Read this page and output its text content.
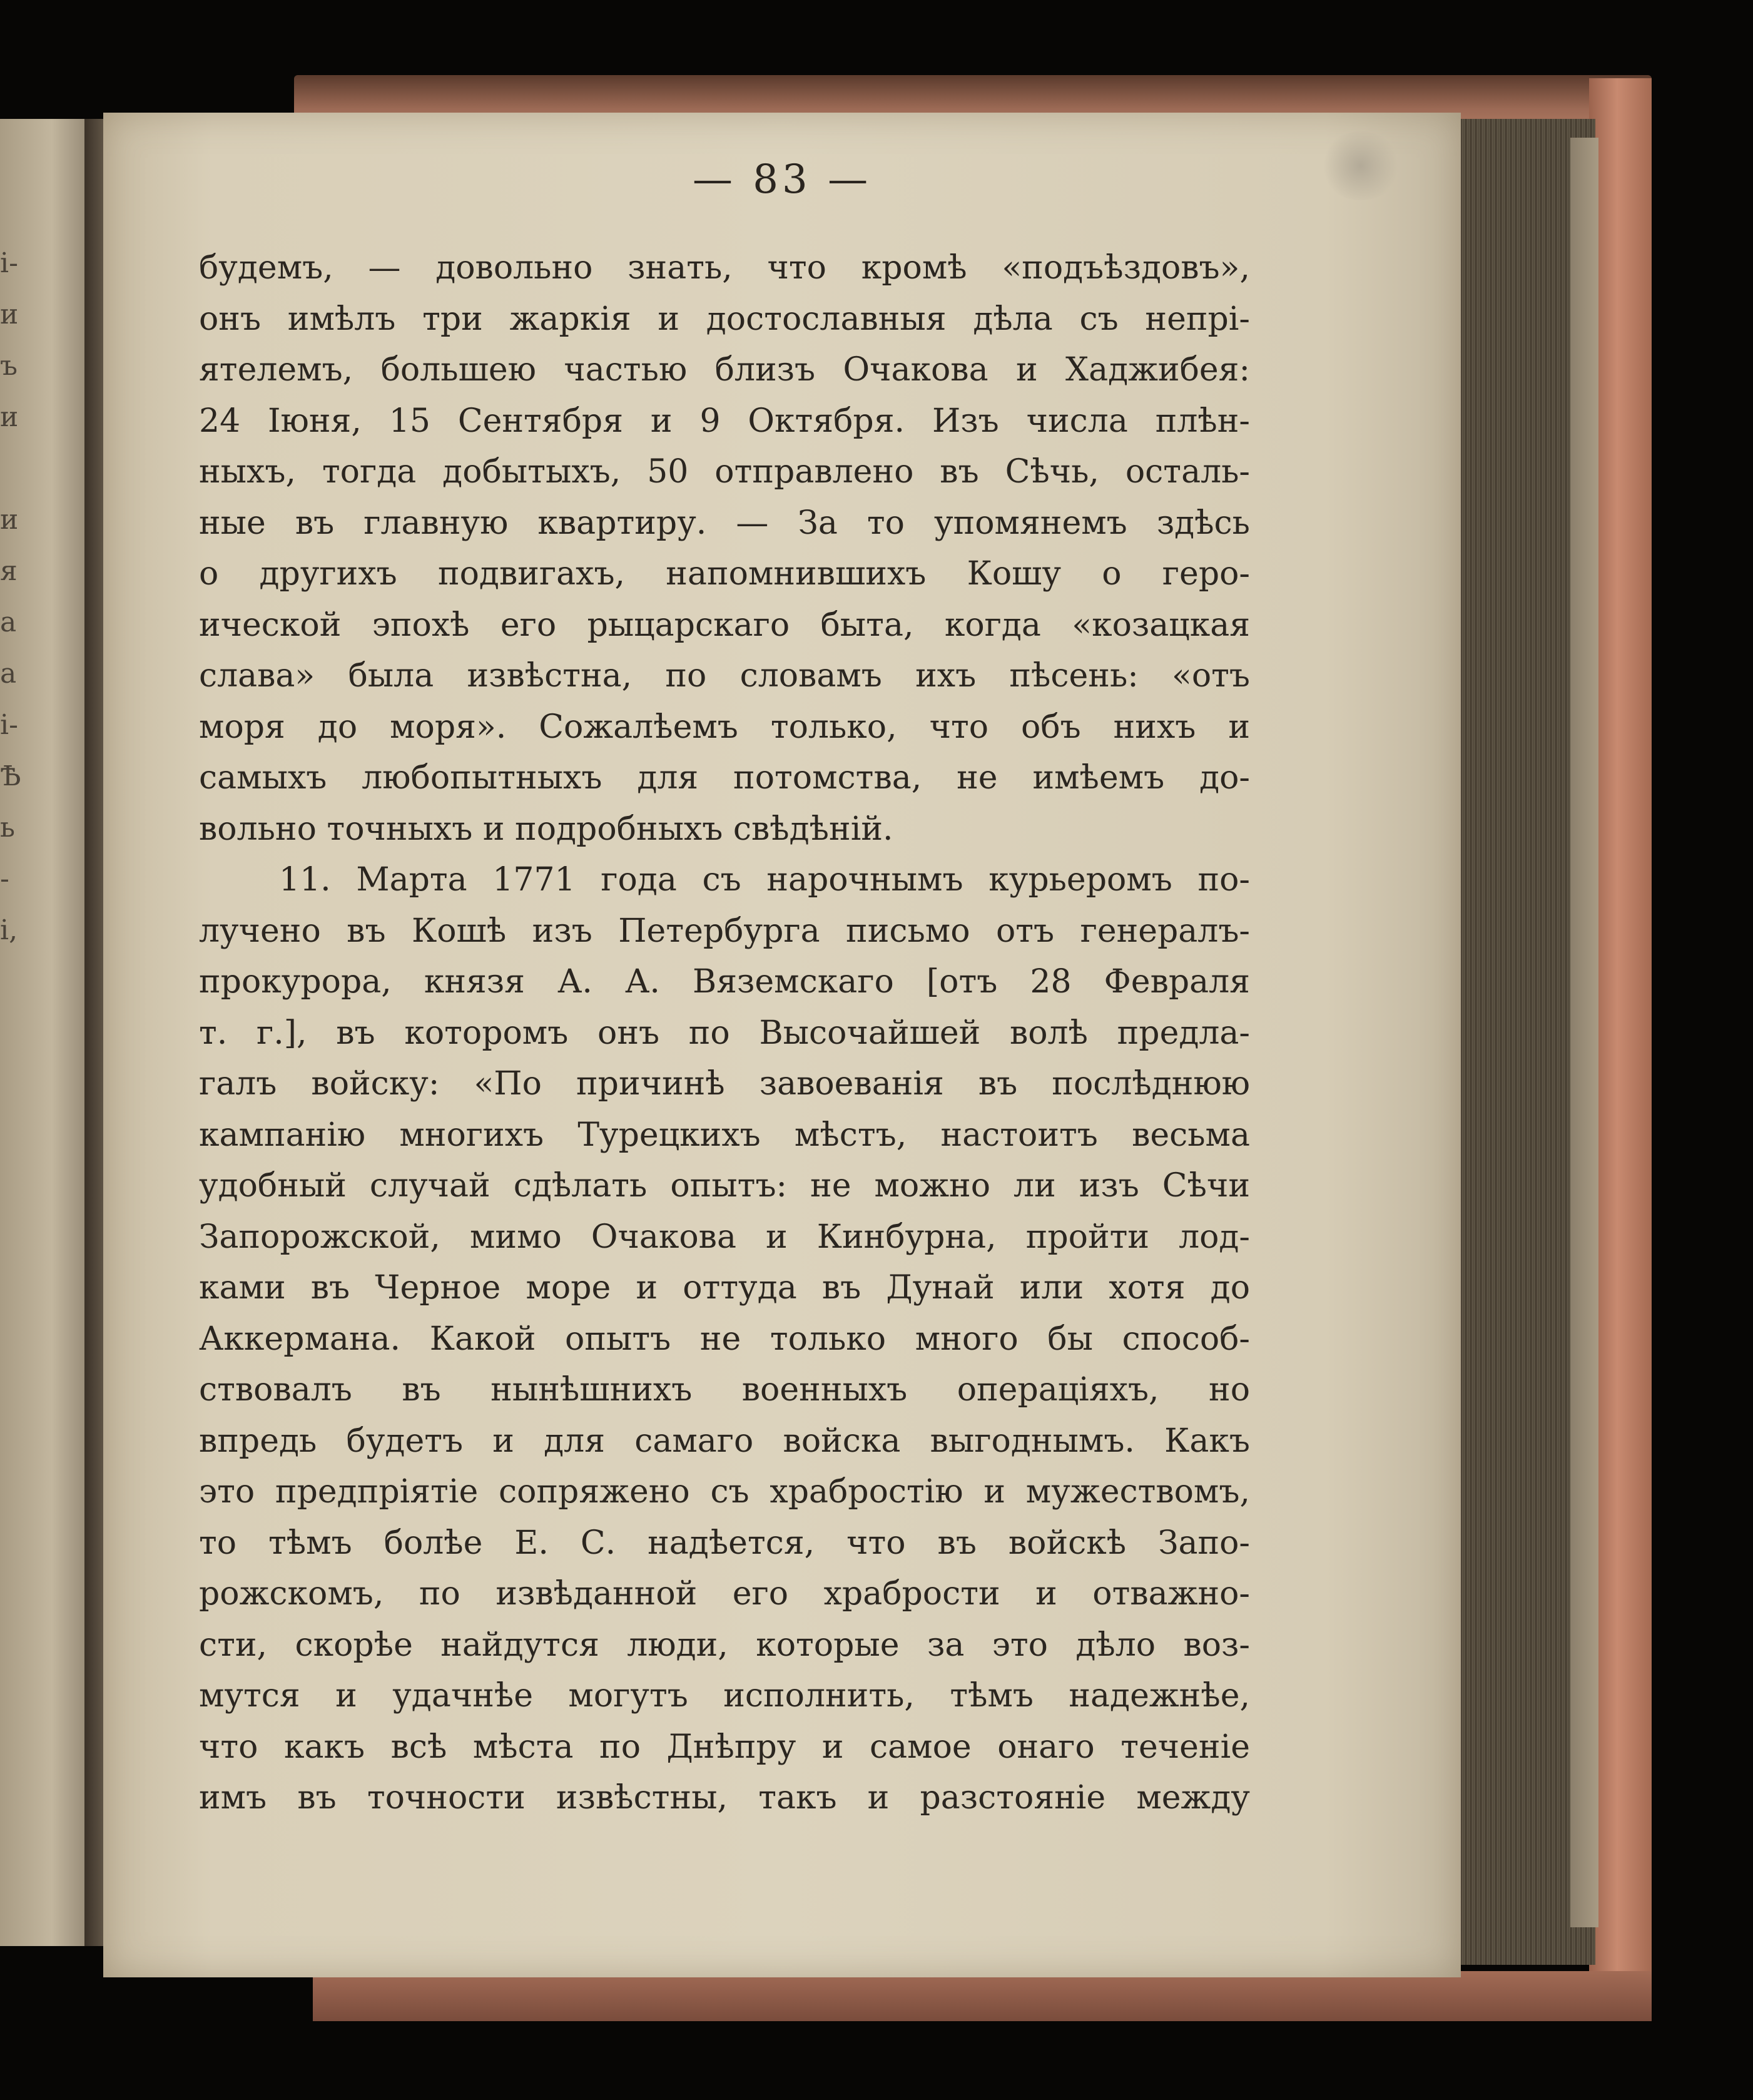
і-
и
ъ
и
и
я
а
а
і-
Ѣ
ь
-
і,
— 83 —
будемъ, — довольно знать, что кромѣ «подъѣздовъ»,
онъ имѣлъ три жаркія и достославныя дѣла съ непрі-
ятелемъ, большею частью близъ Очакова и Хаджибея:
24 Іюня, 15 Сентября и 9 Октября. Изъ числа плѣн-
ныхъ, тогда добытыхъ, 50 отправлено въ Сѣчь, осталь-
ные въ главную квартиру. — За то упомянемъ здѣсь
о другихъ подвигахъ, напомнившихъ Кошу о геро-
ической эпохѣ его рыцарскаго быта, когда «козацкая
слава» была извѣстна, по словамъ ихъ пѣсень: «отъ
моря до моря». Сожалѣемъ только, что объ нихъ и
самыхъ любопытныхъ для потомства, не имѣемъ до-
вольно точныхъ и подробныхъ свѣдѣній.
11. Марта 1771 года съ нарочнымъ курьеромъ по-
лучено въ Кошѣ изъ Петербурга письмо отъ генералъ-
прокурора, князя А. А. Вяземскаго [отъ 28 Февраля
т. г.], въ которомъ онъ по Высочайшей волѣ предла-
галъ войску: «По причинѣ завоеванія въ послѣднюю
кампанію многихъ Турецкихъ мѣстъ, настоитъ весьма
удобный случай сдѣлать опытъ: не можно ли изъ Сѣчи
Запорожской, мимо Очакова и Кинбурна, пройти лод-
ками въ Черное море и оттуда въ Дунай или хотя до
Аккермана. Какой опытъ не только много бы способ-
ствовалъ въ нынѣшнихъ военныхъ операціяхъ, но
впредь будетъ и для самаго войска выгоднымъ. Какъ
это предпріятіе сопряжено съ храбростію и мужествомъ,
то тѣмъ болѣе Е. С. надѣется, что въ войскѣ Запо-
рожскомъ, по извѣданной его храбрости и отважно-
сти, скорѣе найдутся люди, которые за это дѣло воз-
мутся и удачнѣе могутъ исполнить, тѣмъ надежнѣе,
что какъ всѣ мѣста по Днѣпру и самое онаго теченіе
имъ въ точности извѣстны, такъ и разстояніе между
